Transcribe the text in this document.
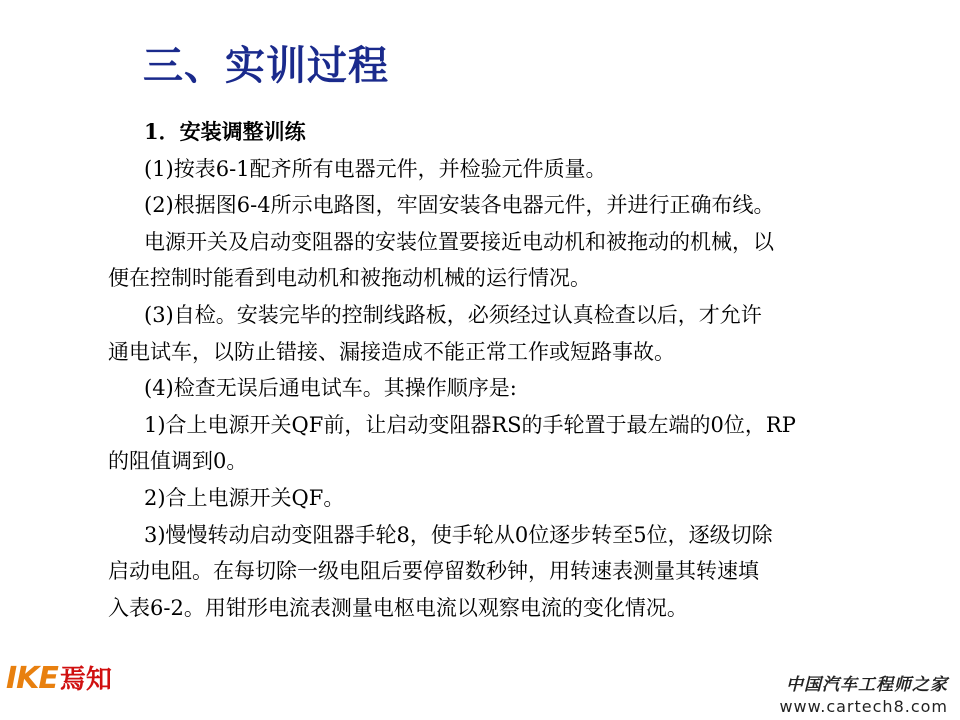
三、实训过程
1．安装调整训练
(1)按表6-1配齐所有电器元件，并检验元件质量。
(2)根据图6-4所示电路图，牢固安装各电器元件，并进行正确布线。
电源开关及启动变阻器的安装位置要接近电动机和被拖动的机械，以
便在控制时能看到电动机和被拖动机械的运行情况。
(3)自检。安装完毕的控制线路板，必须经过认真检查以后，才允许
通电试车，以防止错接、漏接造成不能正常工作或短路事故。
(4)检查无误后通电试车。其操作顺序是:
1)合上电源开关QF前，让启动变阻器RS的手轮置于最左端的0位，RP
的阻值调到0。
2)合上电源开关QF。
3)慢慢转动启动变阻器手轮8，使手轮从0位逐步转至5位，逐级切除
启动电阻。在每切除一级电阻后要停留数秒钟，用转速表测量其转速填
入表6-2。用钳形电流表测量电枢电流以观察电流的变化情况。
IKE焉知	中国汽车工程师之家
www.cartech8.com
